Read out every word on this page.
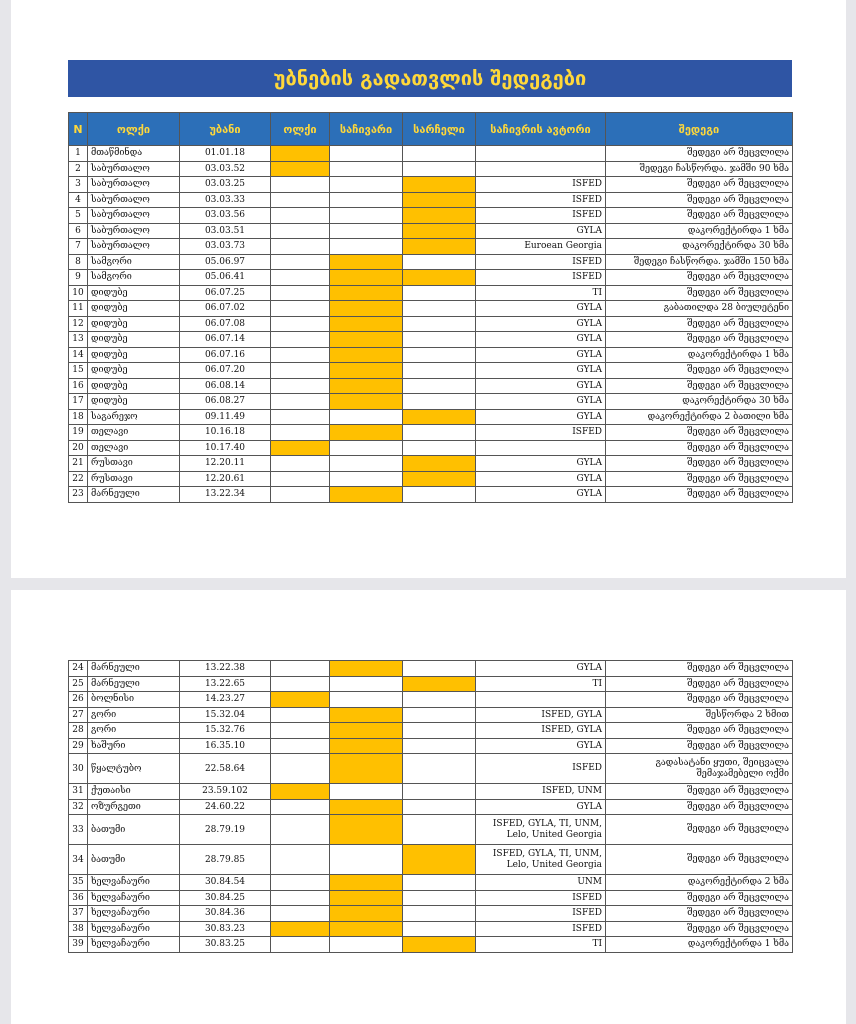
უბნების გადათვლის შედეგები
N	ოლქი	უბანი	ოლქი	საჩივარი	სარჩელი	საჩივრის ავტორი	შედეგი
1	მთაწმინდა	01.01.18					შედეგი არ შეცვლილა
2	საბურთალო	03.03.52					შედეგი ჩასწორდა. ჯამში 90 ხმა
3	საბურთალო	03.03.25				ISFED	შედეგი არ შეცვლილა
4	საბურთალო	03.03.33				ISFED	შედეგი არ შეცვლილა
5	საბურთალო	03.03.56				ISFED	შედეგი არ შეცვლილა
6	საბურთალო	03.03.51				GYLA	დაკორექტირდა 1 ხმა
7	საბურთალო	03.03.73				Euroean Georgia	დაკორექტირდა 30 ხმა
8	სამგორი	05.06.97				ISFED	შედეგი ჩასწორდა. ჯამში 150 ხმა
9	სამგორი	05.06.41				ISFED	შედეგი არ შეცვლილა
10	დიდუბე	06.07.25				TI	შედეგი არ შეცვლილა
11	დიდუბე	06.07.02				GYLA	გაბათილდა 28 ბიულეტენი
12	დიდუბე	06.07.08				GYLA	შედეგი არ შეცვლილა
13	დიდუბე	06.07.14				GYLA	შედეგი არ შეცვლილა
14	დიდუბე	06.07.16				GYLA	დაკორექტირდა 1 ხმა
15	დიდუბე	06.07.20				GYLA	შედეგი არ შეცვლილა
16	დიდუბე	06.08.14				GYLA	შედეგი არ შეცვლილა
17	დიდუბე	06.08.27				GYLA	დაკორექტირდა 30 ხმა
18	საგარეჯო	09.11.49				GYLA	დაკორექტირდა 2 ბათილი ხმა
19	თელავი	10.16.18				ISFED	შედეგი არ შეცვლილა
20	თელავი	10.17.40					შედეგი არ შეცვლილა
21	რუსთავი	12.20.11				GYLA	შედეგი არ შეცვლილა
22	რუსთავი	12.20.61				GYLA	შედეგი არ შეცვლილა
23	მარნეული	13.22.34				GYLA	შედეგი არ შეცვლილა
24	მარნეული	13.22.38				GYLA	შედეგი არ შეცვლილა
25	მარნეული	13.22.65				TI	შედეგი არ შეცვლილა
26	ბოლნისი	14.23.27					შედეგი არ შეცვლილა
27	გორი	15.32.04				ISFED, GYLA	შესწორდა 2 ხმით
28	გორი	15.32.76				ISFED, GYLA	შედეგი არ შეცვლილა
29	ხაშური	16.35.10				GYLA	შედეგი არ შეცვლილა
30	წყალტუბო	22.58.64				ISFED	გადასატანი ყუთი, შეიცვალა შემაჯამებელი ოქმი
31	ქუთაისი	23.59.102				ISFED, UNM	შედეგი არ შეცვლილა
32	ოზურგეთი	24.60.22				GYLA	შედეგი არ შეცვლილა
33	ბათუმი	28.79.19				ISFED, GYLA, TI, UNM, Lelo, United Georgia	შედეგი არ შეცვლილა
34	ბათუმი	28.79.85				ISFED, GYLA, TI, UNM, Lelo, United Georgia	შედეგი არ შეცვლილა
35	ხელვაჩაური	30.84.54				UNM	დაკორექტირდა 2 ხმა
36	ხელვაჩაური	30.84.25				ISFED	შედეგი არ შეცვლილა
37	ხელვაჩაური	30.84.36				ISFED	შედეგი არ შეცვლილა
38	ხელვაჩაური	30.83.23				ISFED	შედეგი არ შეცვლილა
39	ხელვაჩაური	30.83.25				TI	დაკორექტირდა 1 ხმა
